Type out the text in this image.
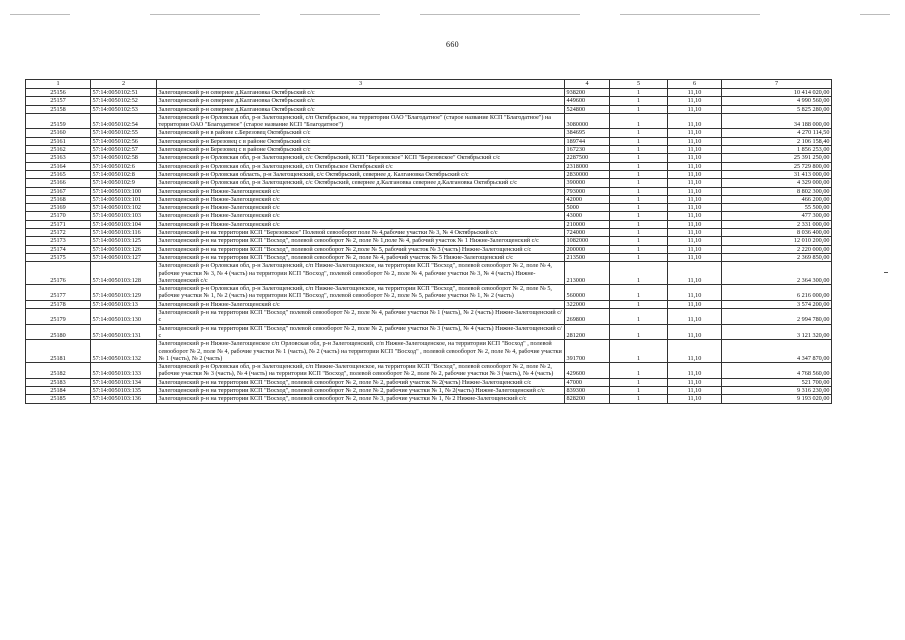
660
1	2	3	4	5	6	7
25156	57:14:0050102:51	Залегощенский р-н севернее д.Калгановка Октябрьский с/с	938200	1	11,10	10 414 020,00
25157	57:14:0050102:52	Залегощенский р-н севернее д.Калгановка Октябрьский с/с	449600	1	11,10	4 990 560,00
25158	57:14:0050102:53	Залегощенский р-н севернее д.Калгановка Октябрьский с/с	524800	1	11,10	5 825 280,00
25159	57:14:0050102:54	Залегощенский р-н Орловская обл, р-н Залегощенский, с/п Октябрьское, на территории ОАО "Благодатное" (старое название КСП "Благодатное") на территории ОАО "Благодатное" (старое название КСП "Благодатное")	3080000	1	11,10	34 188 000,00
25160	57:14:0050102:55	Залегощенский р-н в районе с.Березовец Октябрьский с/с	384695	1	11,10	4 270 114,50
25161	57:14:0050102:56	Залегощенский р-н Березовец с в районе Октябрьский с/с	189744	1	11,10	2 106 158,40
25162	57:14:0050102:57	Залегощенский р-н Березовец с в районе Октябрьский с/с	167230	1	11,10	1 856 253,00
25163	57:14:0050102:58	Залегощенский р-н Орловская обл, р-н Залегощенский, с/с Октябрьский, КСП "Березовское" КСП "Березовское" Октябрьский с/с	2287500	1	11,10	25 391 250,00
25164	57:14:0050102:6	Залегощенский р-н Орловская обл, р-н Залегощенский, с/п Октябрьское Октябрьский с/с	2318000	1	11,10	25 729 800,00
25165	57:14:0050102:8	Залегощенский р-н Орловская область, р-н Залегощенский, с/с Октябрьский, севернее д. Калгановка Октябрьский с/с	2830000	1	11,10	31 413 000,00
25166	57:14:0050102:9	Залегощенский р-н Орловская обл, р-н Залегощенский, с/с Октябрьский, севернее д.Калгановка севернее д.Калгановка Октябрьский с/с	390000	1	11,10	4 329 000,00
25167	57:14:0050103:100	Залегощенский р-н Нижне-Залегощенский с/с	793000	1	11,10	8 802 300,00
25168	57:14:0050103:101	Залегощенский р-н Нижне-Залегощенский с/с	42000	1	11,10	466 200,00
25169	57:14:0050103:102	Залегощенский р-н Нижне-Залегощенский с/с	5000	1	11,10	55 500,00
25170	57:14:0050103:103	Залегощенский р-н Нижне-Залегощенский с/с	43000	1	11,10	477 300,00
25171	57:14:0050103:104	Залегощенский р-н Нижне-Залегощенский с/с	210000	1	11,10	2 331 000,00
25172	57:14:0050103:116	Залегощенский р-н на территории КСП "Березовское" Полевой севооборот поле № 4,рабочие участки № 3, № 4 Октябрьский с/с	724000	1	11,10	8 036 400,00
25173	57:14:0050103:125	Залегощенский р-н на территории КСП "Восход", полевой севооборот № 2, поле № 1,поле № 4, рабочий участок № 1 Нижне-Залегощенский с/с	1082000	1	11,10	12 010 200,00
25174	57:14:0050103:126	Залегощенский р-н на территории КСП "Восход", полевой севооборот № 2,поле № 5, рабочий участок № 3 (часть) Нижне-Залегощенский с/с	200000	1	11,10	2 220 000,00
25175	57:14:0050103:127	Залегощенский р-н на территории КСП "Восход", полевой севооборот № 2, поле № 4, рабочий участок № 5 Нижне-Залегощенский с/с	213500	1	11,10	2 369 850,00
25176	57:14:0050103:128	Залегощенский р-н Орловская обл, р-н Залегощенский, с/п Нижне-Залегощенское, на территории КСП "Восход", полевой севооборот № 2, поле № 4, рабочие участки № 3, № 4 (часть) на территории КСП "Восход", полевой севооборот № 2, поле № 4, рабочие участки № 3, № 4 (часть) Нижне-Залегощенский с/с	213000	1	11,10	2 364 300,00
25177	57:14:0050103:129	Залегощенский р-н Орловская обл, р-н Залегощенский, с/п Нижне-Залегощенское, на территории КСП "Восход", полевой севооборот № 2, поле № 5, рабочие участки № 1, № 2 (часть) на территории КСП "Восход", полевой севооборот № 2, поле № 5, рабочие участки № 1, № 2 (часть)	560000	1	11,10	6 216 000,00
25178	57:14:0050103:13	Залегощенский р-н Нижне-Залегощенский с/с	322000	1	11,10	3 574 200,00
25179	57:14:0050103:130	Залегощенский р-н на территории КСП "Восход" полевой севооборот № 2, поле № 4, рабочие участки № 1 (часть), № 2 (часть) Нижне-Залегощенский с/с	269800	1	11,10	2 994 780,00
25180	57:14:0050103:131	Залегощенский р-н на территории КСП "Восход" полевой севооборот № 2, поле № 2, рабочие участки № 3 (часть), № 4 (часть) Нижне-Залегощенский с/с	281200	1	11,10	3 121 320,00
25181	57:14:0050103:132	Залегощенский р-н Нижне-Залегощенское с/п Орловская обл, р-н Залегощенский, с/п Нижне-Залегощенское, на территории КСП "Восход" , полевой севооборот № 2, поле № 4, рабочие участки № 1 (часть), № 2 (часть) на территории КСП "Восход" , полевой севооборот № 2, поле № 4, рабочие участки № 1 (часть), № 2 (часть)	391700	1	11,10	4 347 870,00
25182	57:14:0050103:133	Залегощенский р-н Орловская обл, р-н Залегощенский, с/п Нижне-Залегощенское, на территории КСП "Восход", полевой севооборот № 2, поле № 2, рабочие участки № 3 (часть), № 4 (часть) на территории КСП "Восход", полевой севооборот № 2, поле № 2, рабочие участки № 3 (часть), № 4 (часть)	429600	1	11,10	4 768 560,00
25183	57:14:0050103:134	Залегощенский р-н на территории КСП "Восход", полевой севооборот № 2, поле № 2, рабочий участок № 2(часть) Нижне-Залегощенский с/с	47000	1	11,10	521 700,00
25184	57:14:0050103:135	Залегощенский р-н на территории КСП "Восход", полевой севооборот № 2, поле № 2, рабочие участки № 1, № 2(часть) Нижне-Залегощенский с/с	839300	1	11,10	9 316 230,00
25185	57:14:0050103:136	Залегощенский р-н на территории КСП "Восход", полевой севооборот № 2, поле № 3, рабочие участки № 1, № 2 Нижне-Залегощенский с/с	828200	1	11,10	9 193 020,00
